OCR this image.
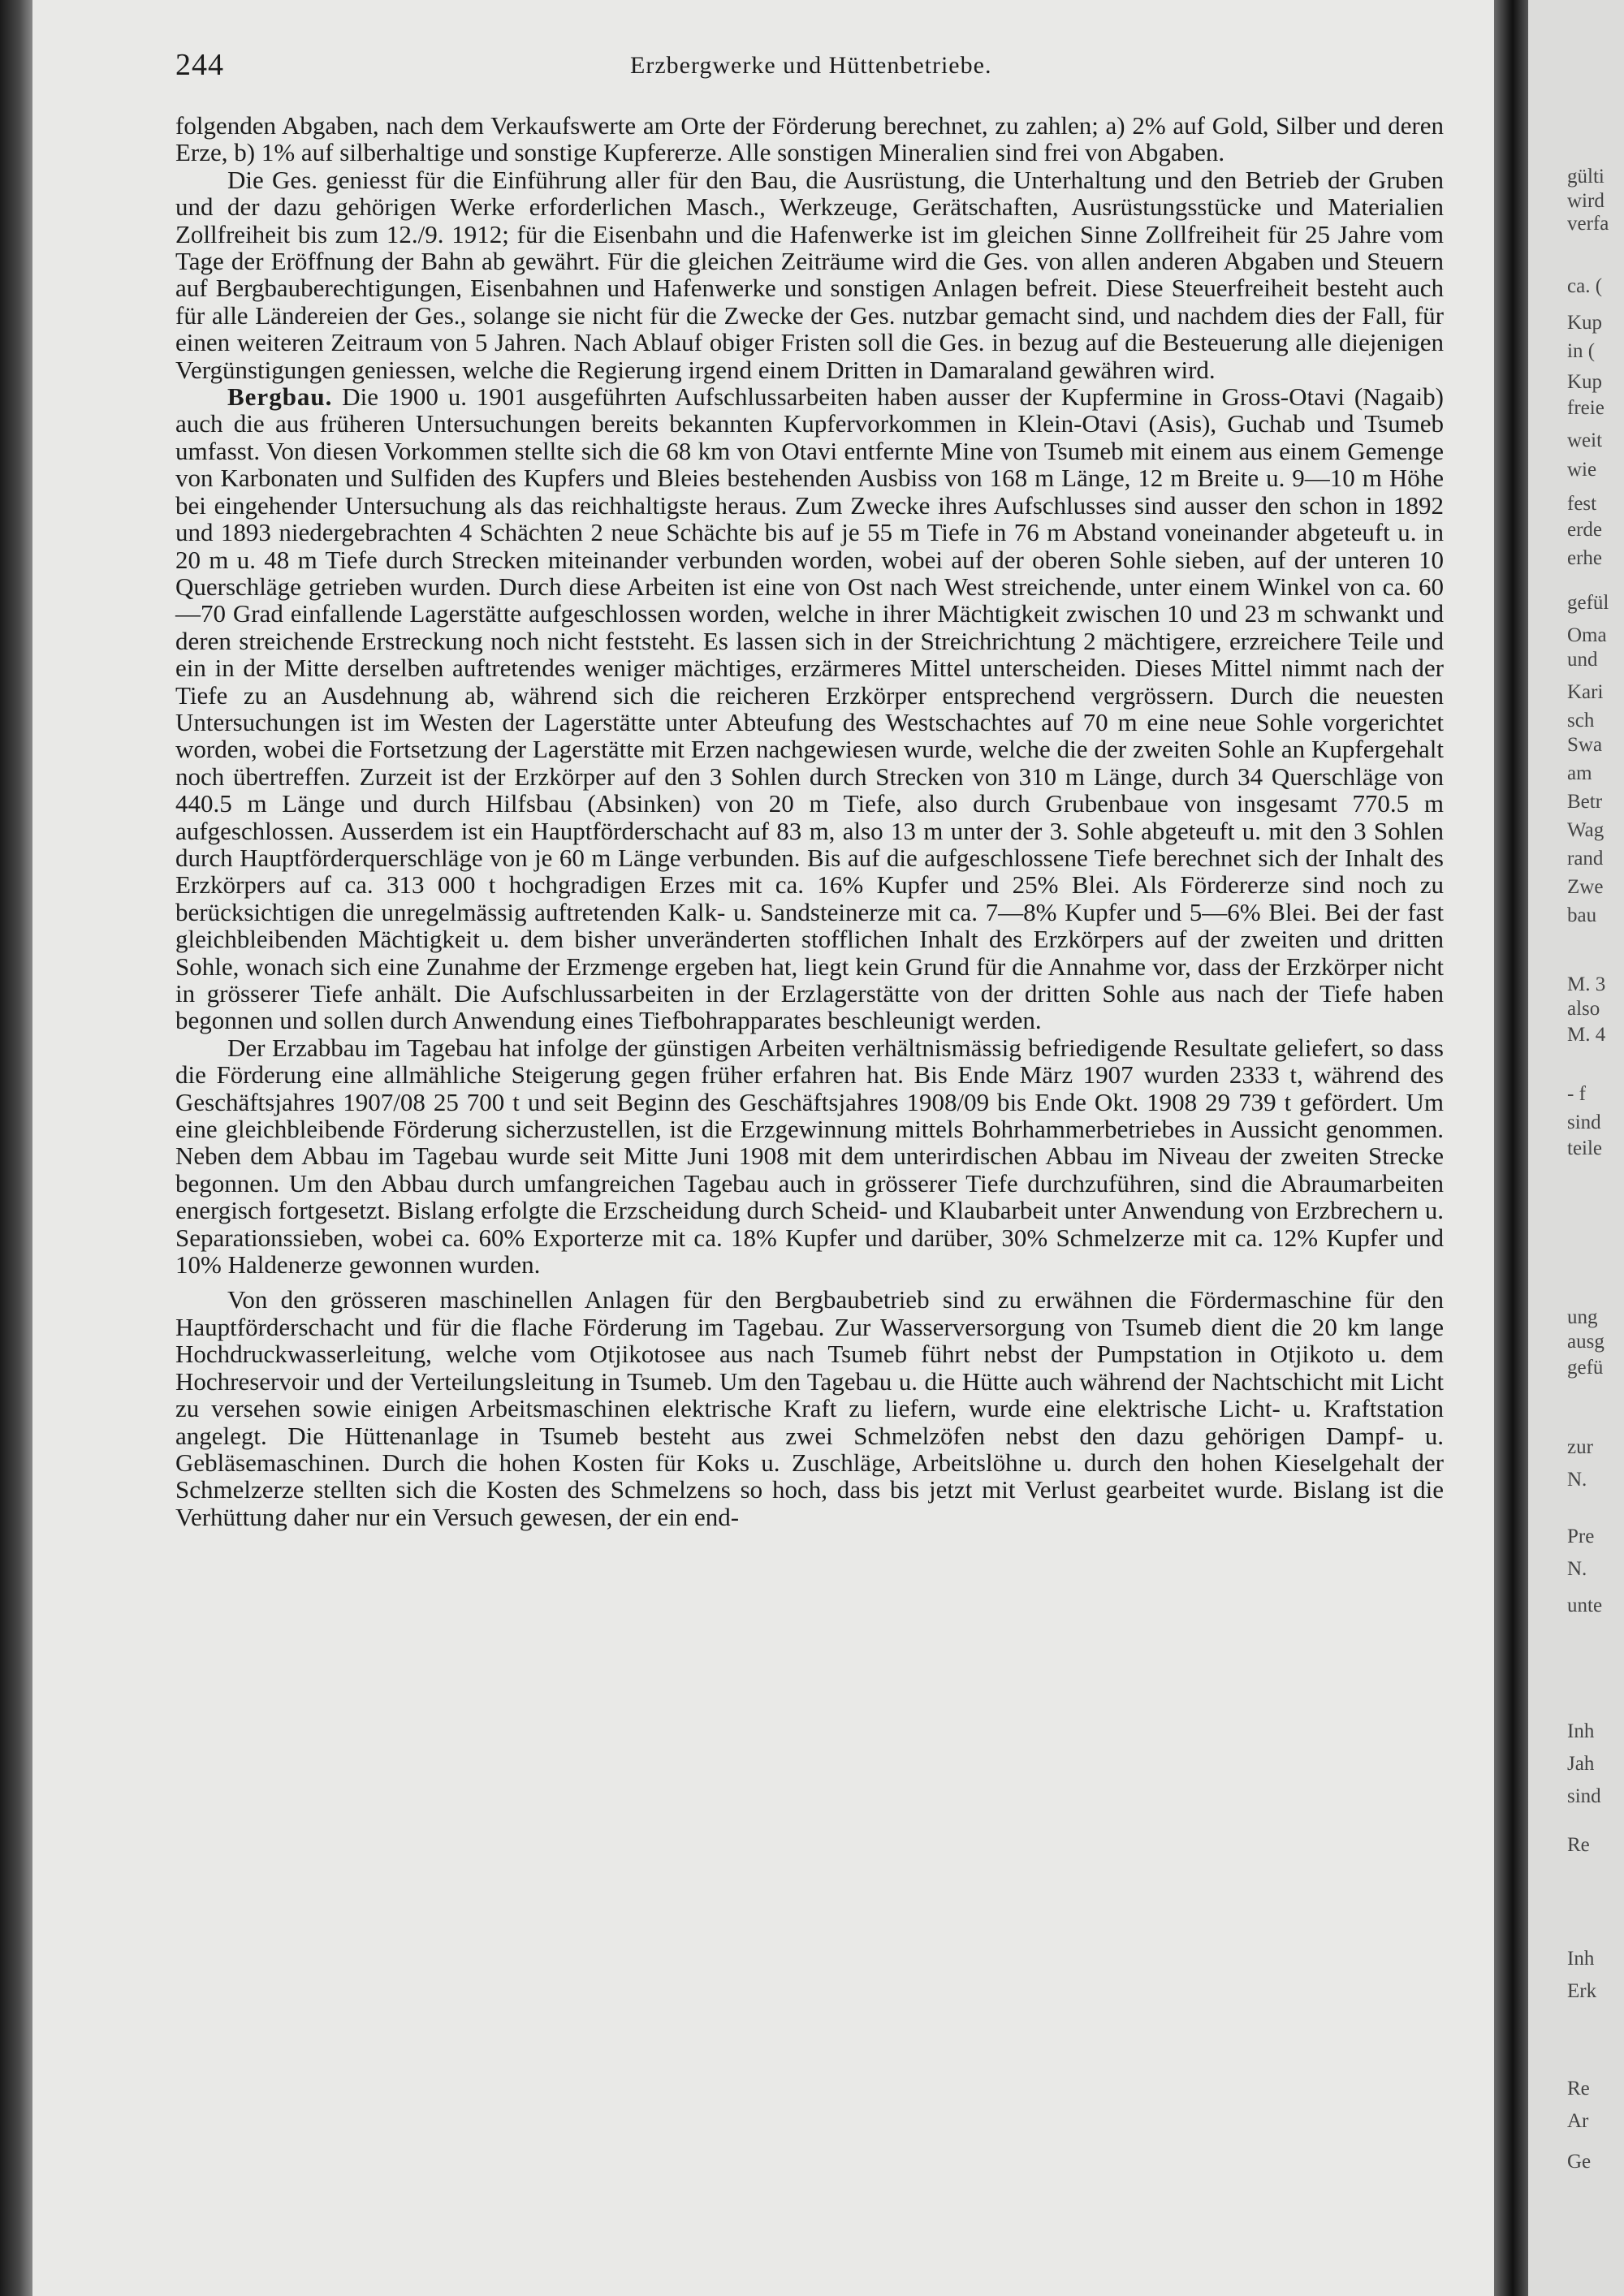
244	Erzbergwerke und Hüttenbetriebe.

folgenden Abgaben, nach dem Verkaufswerte am Orte der Förderung berechnet, zu zahlen; a) 2% auf Gold, Silber und deren Erze, b) 1% auf silberhaltige und sonstige Kupfererze. Alle sonstigen Mineralien sind frei von Abgaben.

Die Ges. geniesst für die Einführung aller für den Bau, die Ausrüstung, die Unterhaltung und den Betrieb der Gruben und der dazu gehörigen Werke erforderlichen Masch., Werkzeuge, Gerätschaften, Ausrüstungsstücke und Materialien Zollfreiheit bis zum 12./9. 1912; für die Eisenbahn und die Hafenwerke ist im gleichen Sinne Zollfreiheit für 25 Jahre vom Tage der Eröffnung der Bahn ab gewährt. Für die gleichen Zeiträume wird die Ges. von allen anderen Abgaben und Steuern auf Bergbauberechtigungen, Eisenbahnen und Hafenwerke und sonstigen Anlagen befreit. Diese Steuerfreiheit besteht auch für alle Ländereien der Ges., solange sie nicht für die Zwecke der Ges. nutzbar gemacht sind, und nachdem dies der Fall, für einen weiteren Zeitraum von 5 Jahren. Nach Ablauf obiger Fristen soll die Ges. in bezug auf die Besteuerung alle diejenigen Vergünstigungen geniessen, welche die Regierung irgend einem Dritten in Damaraland gewähren wird.

Bergbau. Die 1900 u. 1901 ausgeführten Aufschlussarbeiten haben ausser der Kupfermine in Gross-Otavi (Nagaib) auch die aus früheren Untersuchungen bereits bekannten Kupfervorkommen in Klein-Otavi (Asis), Guchab und Tsumeb umfasst. Von diesen Vorkommen stellte sich die 68 km von Otavi entfernte Mine von Tsumeb mit einem aus einem Gemenge von Karbonaten und Sulfiden des Kupfers und Bleies bestehenden Ausbiss von 168 m Länge, 12 m Breite u. 9—10 m Höhe bei eingehender Untersuchung als das reichhaltigste heraus. Zum Zwecke ihres Aufschlusses sind ausser den schon in 1892 und 1893 niedergebrachten 4 Schächten 2 neue Schächte bis auf je 55 m Tiefe in 76 m Abstand voneinander abgeteuft u. in 20 m u. 48 m Tiefe durch Strecken miteinander verbunden worden, wobei auf der oberen Sohle sieben, auf der unteren 10 Querschläge getrieben wurden. Durch diese Arbeiten ist eine von Ost nach West streichende, unter einem Winkel von ca. 60—70 Grad einfallende Lagerstätte aufgeschlossen worden, welche in ihrer Mächtigkeit zwischen 10 und 23 m schwankt und deren streichende Erstreckung noch nicht feststeht. Es lassen sich in der Streichrichtung 2 mächtigere, erzreichere Teile und ein in der Mitte derselben auftretendes weniger mächtiges, erzärmeres Mittel unterscheiden. Dieses Mittel nimmt nach der Tiefe zu an Ausdehnung ab, während sich die reicheren Erzkörper entsprechend vergrössern. Durch die neuesten Untersuchungen ist im Westen der Lagerstätte unter Abteufung des Westschachtes auf 70 m eine neue Sohle vorgerichtet worden, wobei die Fortsetzung der Lagerstätte mit Erzen nachgewiesen wurde, welche die der zweiten Sohle an Kupfergehalt noch übertreffen. Zurzeit ist der Erzkörper auf den 3 Sohlen durch Strecken von 310 m Länge, durch 34 Querschläge von 440.5 m Länge und durch Hilfsbau (Absinken) von 20 m Tiefe, also durch Grubenbaue von insgesamt 770.5 m aufgeschlossen. Ausserdem ist ein Hauptförderschacht auf 83 m, also 13 m unter der 3. Sohle abgeteuft u. mit den 3 Sohlen durch Hauptförderquerschläge von je 60 m Länge verbunden. Bis auf die aufgeschlossene Tiefe berechnet sich der Inhalt des Erzkörpers auf ca. 313 000 t hochgradigen Erzes mit ca. 16% Kupfer und 25% Blei. Als Fördererze sind noch zu berücksichtigen die unregelmässig auftretenden Kalk- u. Sandsteinerze mit ca. 7—8% Kupfer und 5—6% Blei. Bei der fast gleichbleibenden Mächtigkeit u. dem bisher unveränderten stofflichen Inhalt des Erzkörpers auf der zweiten und dritten Sohle, wonach sich eine Zunahme der Erzmenge ergeben hat, liegt kein Grund für die Annahme vor, dass der Erzkörper nicht in grösserer Tiefe anhält. Die Aufschlussarbeiten in der Erzlagerstätte von der dritten Sohle aus nach der Tiefe haben begonnen und sollen durch Anwendung eines Tiefbohrapparates beschleunigt werden.

Der Erzabbau im Tagebau hat infolge der günstigen Arbeiten verhältnismässig befriedigende Resultate geliefert, so dass die Förderung eine allmähliche Steigerung gegen früher erfahren hat. Bis Ende März 1907 wurden 2333 t, während des Geschäftsjahres 1907/08 25 700 t und seit Beginn des Geschäftsjahres 1908/09 bis Ende Okt. 1908 29 739 t gefördert. Um eine gleichbleibende Förderung sicherzustellen, ist die Erzgewinnung mittels Bohrhammerbetriebes in Aussicht genommen. Neben dem Abbau im Tagebau wurde seit Mitte Juni 1908 mit dem unterirdischen Abbau im Niveau der zweiten Strecke begonnen. Um den Abbau durch umfangreichen Tagebau auch in grösserer Tiefe durchzuführen, sind die Abraumarbeiten energisch fortgesetzt. Bislang erfolgte die Erzscheidung durch Scheid- und Klaubarbeit unter Anwendung von Erzbrechern u. Separationssieben, wobei ca. 60% Exporterze mit ca. 18% Kupfer und darüber, 30% Schmelzerze mit ca. 12% Kupfer und 10% Haldenerze gewonnen wurden.

Von den grösseren maschinellen Anlagen für den Bergbaubetrieb sind zu erwähnen die Fördermaschine für den Hauptförderschacht und für die flache Förderung im Tagebau. Zur Wasserversorgung von Tsumeb dient die 20 km lange Hochdruckwasserleitung, welche vom Otjikotosee aus nach Tsumeb führt nebst der Pumpstation in Otjikoto u. dem Hochreservoir und der Verteilungsleitung in Tsumeb. Um den Tagebau u. die Hütte auch während der Nachtschicht mit Licht zu versehen sowie einigen Arbeitsmaschinen elektrische Kraft zu liefern, wurde eine elektrische Licht- u. Kraftstation angelegt. Die Hüttenanlage in Tsumeb besteht aus zwei Schmelzöfen nebst den dazu gehörigen Dampf- u. Gebläsemaschinen. Durch die hohen Kosten für Koks u. Zuschläge, Arbeitslöhne u. durch den hohen Kieselgehalt der Schmelzerze stellten sich die Kosten des Schmelzens so hoch, dass bis jetzt mit Verlust gearbeitet wurde. Bislang ist die Verhüttung daher nur ein Versuch gewesen, der ein end-

gülti
wird
verfa
ca. (
Kup
in (
Kup
freie
weit
wie
fest
erde
erhe
gefül
Oma
und
Kari
sch
Swa
am
Betr
Wag
rand
Zwe
bau
M. 3
also
M. 4
- f
sind
teile
ung
ausg
gefü
zur
N.
Pre
N.
unte
Inh
Jah
sind
Re
Inh
Erk
Re
Ar
Ge
